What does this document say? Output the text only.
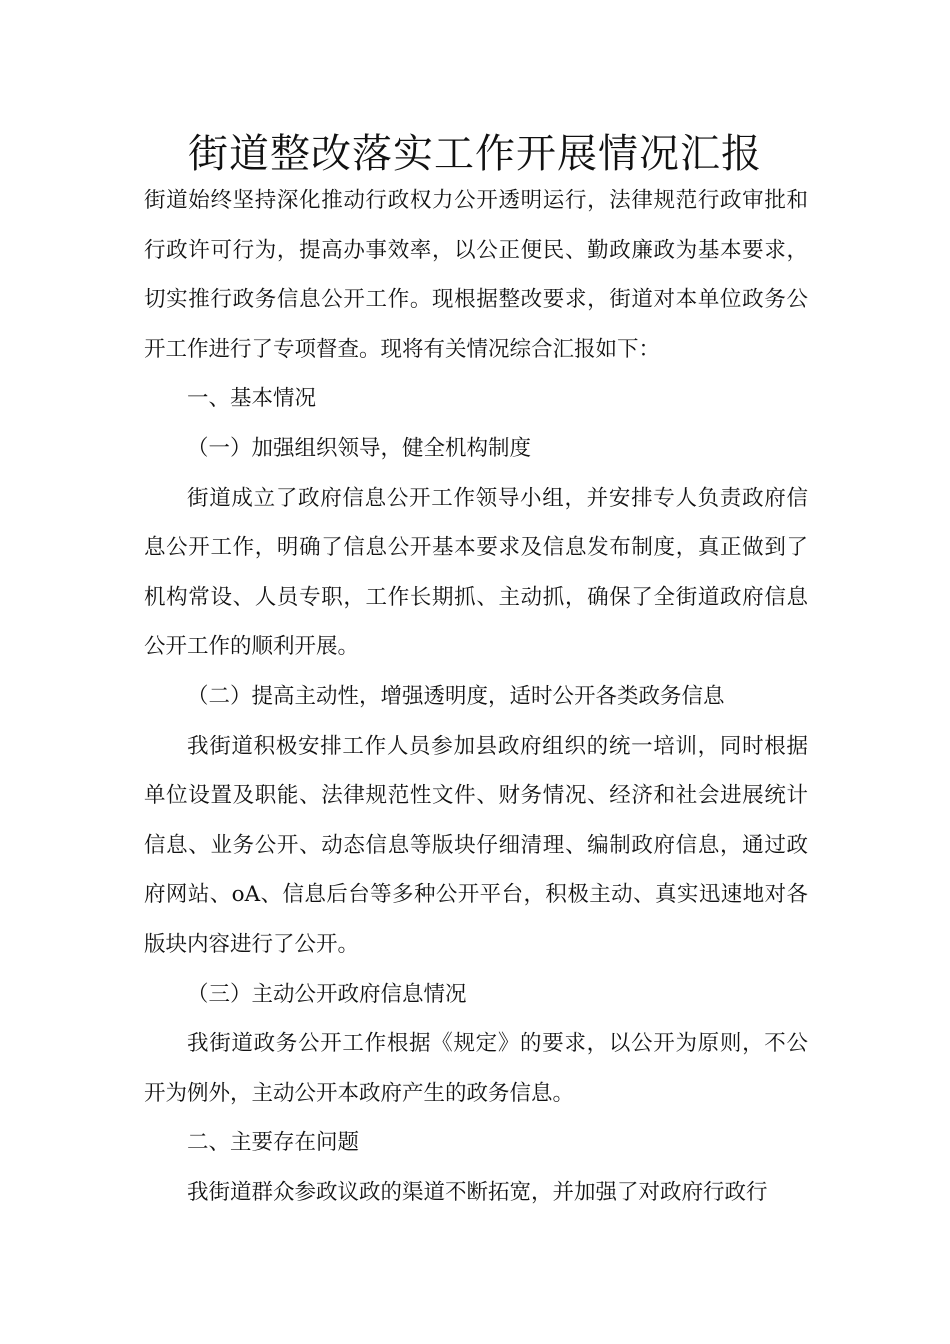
街道整改落实工作开展情况汇报

街道始终坚持深化推动行政权力公开透明运行，法律规范行政审批和行政许可行为，提高办事效率，以公正便民、勤政廉政为基本要求，切实推行政务信息公开工作。现根据整改要求，街道对本单位政务公开工作进行了专项督查。现将有关情况综合汇报如下：

一、基本情况

（一）加强组织领导，健全机构制度

街道成立了政府信息公开工作领导小组，并安排专人负责政府信息公开工作，明确了信息公开基本要求及信息发布制度，真正做到了机构常设、人员专职，工作长期抓、主动抓，确保了全街道政府信息公开工作的顺利开展。

（二）提高主动性，增强透明度，适时公开各类政务信息

我街道积极安排工作人员参加县政府组织的统一培训，同时根据单位设置及职能、法律规范性文件、财务情况、经济和社会进展统计信息、业务公开、动态信息等版块仔细清理、编制政府信息，通过政府网站、oA、信息后台等多种公开平台，积极主动、真实迅速地对各版块内容进行了公开。

（三）主动公开政府信息情况

我街道政务公开工作根据《规定》的要求，以公开为原则，不公开为例外，主动公开本政府产生的政务信息。

二、主要存在问题

我街道群众参政议政的渠道不断拓宽，并加强了对政府行政行
